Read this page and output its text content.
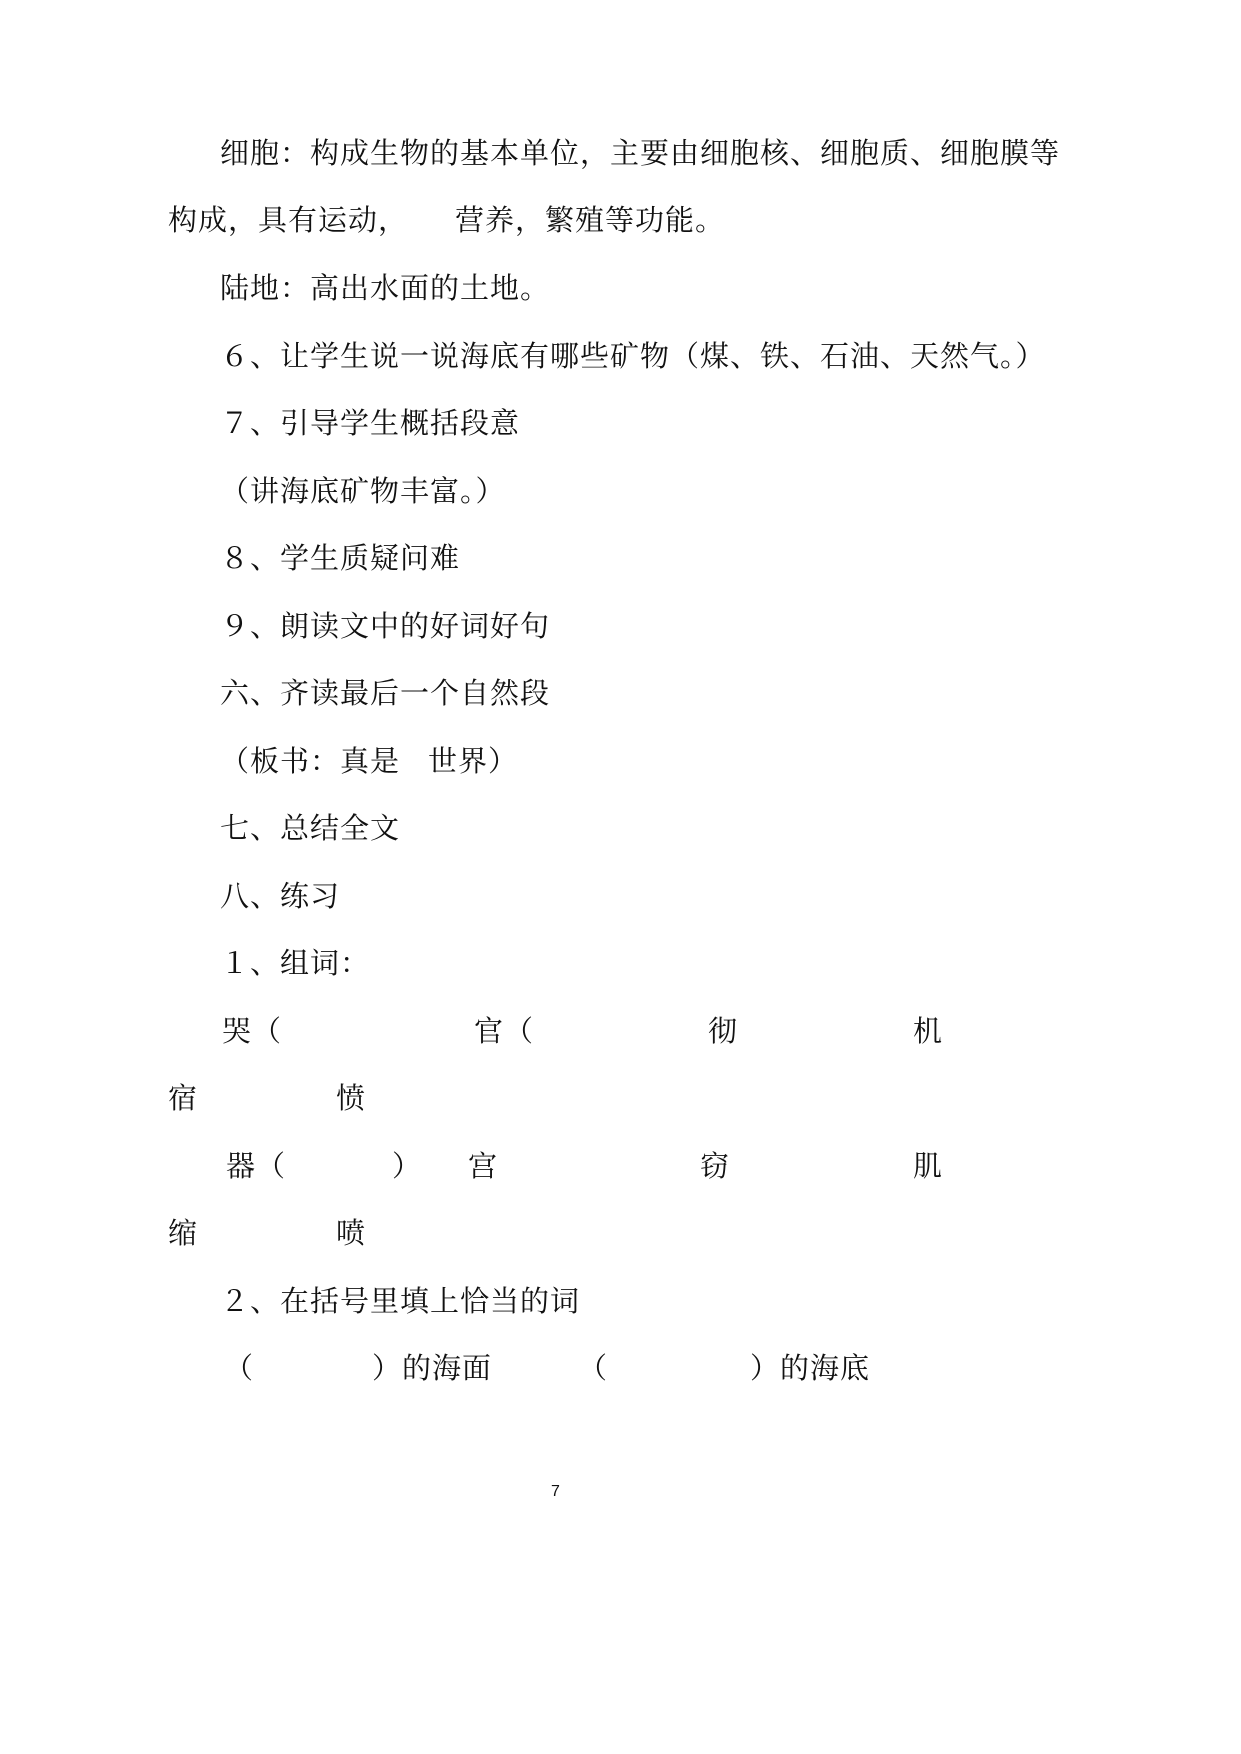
细胞：构成生物的基本单位，主要由细胞核、细胞质、细胞膜等
构成，具有运动， 营养，繁殖等功能。
陆地：高出水面的土地。
６、让学生说一说海底有哪些矿物（煤、铁、石油、天然气。）
７、引导学生概括段意
（讲海底矿物丰富。）
８、学生质疑问难
９、朗读文中的好词好句
六、齐读最后一个自然段
（板书：真是 世界）
七、总结全文
八、练习
１、组词：
哭（	官（	彻	机
宿	愤
器（	） 宫	窃	肌
缩	喷
２、在括号里填上恰当的词
（	）的海面	（	）的海底
7
